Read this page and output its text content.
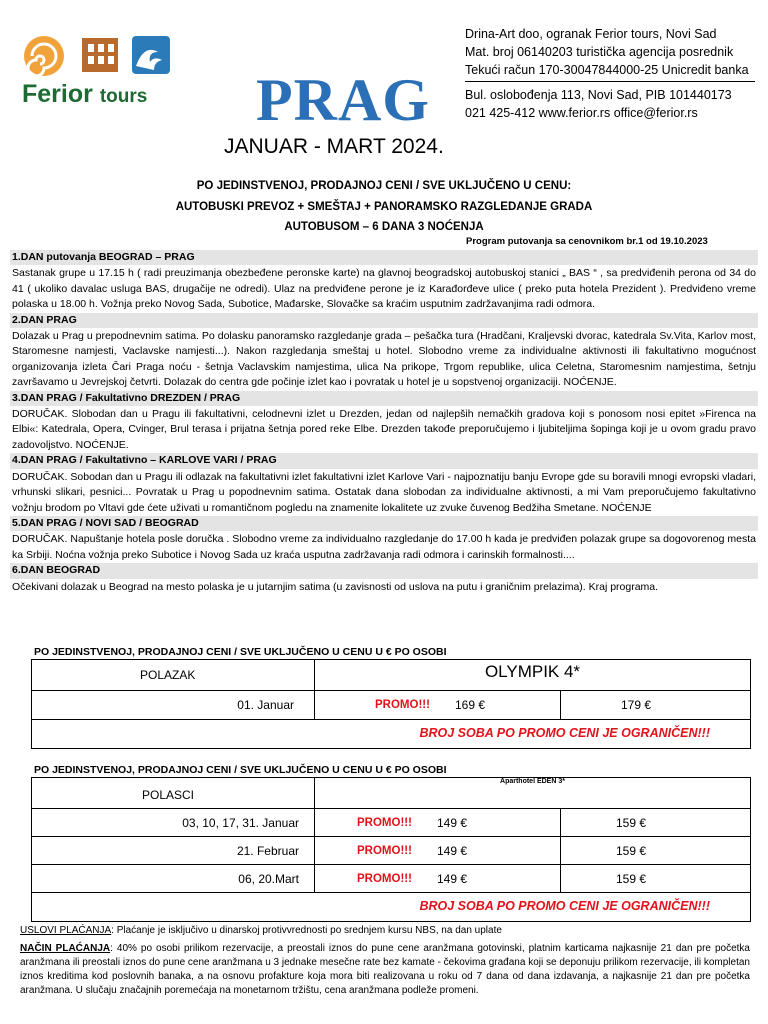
Ferior tours PRAG
Drina-Art doo, ogranak Ferior tours, Novi Sad
Mat. broj 06140203 turistička agencija posrednik
Tekući račun 170-30047844000-25 Unicredit banka
Bul. oslobođenja 113, Novi Sad, PIB 101440173
021 425-412 www.ferior.rs office@ferior.rs
JANUAR - MART 2024.
PO JEDINSTVENOJ, PRODAJNOJ CENI / SVE UKLJUČENO U CENU:
AUTOBUSKI PREVOZ + SMEŠTAJ + PANORAMSKO RAZGLEDANJE GRADA
AUTOBUSOM – 6 DANA 3 NOĆENJA
Program putovanja sa cenovnikom br.1 od 19.10.2023
1.DAN putovanja BEOGRAD – PRAG
Sastanak grupe u 17.15 h ( radi preuzimanja obezbeđene peronske karte) na glavnoj beogradskoj autobuskoj stanici „ BAS “ , sa predviđenih perona od 34 do 41 ( ukoliko davalac usluga BAS, drugačije ne odredi). Ulaz na predviđene perone je iz Karađorđeve ulice ( preko puta hotela Prezident ). Predviđeno vreme polaska u 18.00 h. Vožnja preko Novog Sada, Subotice, Mađarske, Slovačke sa kraćim usputnim zadržavanjima radi odmora.
2.DAN PRAG
Dolazak u Prag u prepodnevnim satima. Po dolasku panoramsko razgledanje grada – pešačka tura (Hradčani, Kraljevski dvorac, katedrala Sv.Vita, Karlov most, Staromesne namjesti, Vaclavske namjesti...). Nakon razgledanja smeštaj u hotel. Slobodno vreme za individualne aktivnosti ili fakultativno mogućnost organizovanja izleta Čari Praga noću - šetnja Vaclavskim namjestima, ulica Na prikope, Trgom republike, ulica Celetna, Staromesnim namjestima, šetnju završavamo u Jevrejskoj četvrti. Dolazak do centra gde počinje izlet kao i povratak u hotel je u sopstvenoj organizaciji. NOĆENJE.
3.DAN PRAG / Fakultativno DREZDEN / PRAG
DORUČAK. Slobodan dan u Pragu ili fakultativni, celodnevni izlet u Drezden, jedan od najlepših nemačkih gradova koji s ponosom nosi epitet »Firenca na Elbi«: Katedrala, Opera, Cvinger, Brul terasa i prijatna šetnja pored reke Elbe. Drezden takođe preporučujemo i ljubiteljima šopinga koji je u ovom gradu pravo zadovoljstvo. NOĆENJE.
4.DAN PRAG / Fakultativno – KARLOVE VARI / PRAG
DORUČAK. Sobodan dan u Pragu ili odlazak na fakultativni izlet fakultativni izlet Karlove Vari - najpoznatiju banju Evrope gde su boravili mnogi evropski vladari, vrhunski slikari, pesnici... Povratak u Prag u popodnevnim satima. Ostatak dana slobodan za individualne aktivnosti, a mi Vam preporučujemo fakultativno vožnju brodom po Vltavi gde ćete uživati u romantičnom pogledu na znamenite lokalitete uz zvuke čuvenog Bedžiha Smetane. NOĆENJE
5.DAN PRAG / NOVI SAD / BEOGRAD
DORUČAK. Napuštanje hotela posle doručka . Slobodno vreme za individualno razgledanje do 17.00 h kada je predviđen polazak grupe sa dogovorenog mesta ka Srbiji. Noćna vožnja preko Subotice i Novog Sada uz kraća usputna zadržavanja radi odmora i carinskih formalnosti....
6.DAN BEOGRAD
Očekivani dolazak u Beograd na mesto polaska je u jutarnjim satima (u zavisnosti od uslova na putu i graničnim prelazima). Kraj programa.
PO JEDINSTVENOJ, PRODAJNOJ CENI / SVE UKLJUČENO U CENU U € PO OSOBI
POLAZAK	OLYMPIK 4*
01. Januar	PROMO!!! 169 €	179 €
BROJ SOBA PO PROMO CENI JE OGRANIČEN!!!
PO JEDINSTVENOJ, PRODAJNOJ CENI / SVE UKLJUČENO U CENU U € PO OSOBI
POLASCI
Aparthotel EDEN 3*
03, 10, 17, 31. Januar	PROMO!!! 149 €	159 €
21. Februar	PROMO!!! 149 €	159 €
06, 20.Mart	PROMO!!! 149 €	159 €
BROJ SOBA PO PROMO CENI JE OGRANIČEN!!!
USLOVI PLAĆANJA: Plaćanje je isključivo u dinarskoj protivvrednosti po srednjem kursu NBS, na dan uplate
NAČIN PLAĆANJA: 40% po osobi prilikom rezervacije, a preostali iznos do pune cene aranžmana gotovinski, platnim karticama najkasnije 21 dan pre početka aranžmana ili preostali iznos do pune cene aranžmana u 3 jednake mesečne rate bez kamate - čekovima građana koji se deponuju prilikom rezervacije, ili kompletan iznos kreditima kod poslovnih banaka, a na osnovu profakture koja mora biti realizovana u roku od 7 dana od dana izdavanja, a najkasnije 21 dan pre početka aranžmana. U slučaju značajnih poremećaja na monetarnom tržištu, cena aranžmana podleže promeni.
